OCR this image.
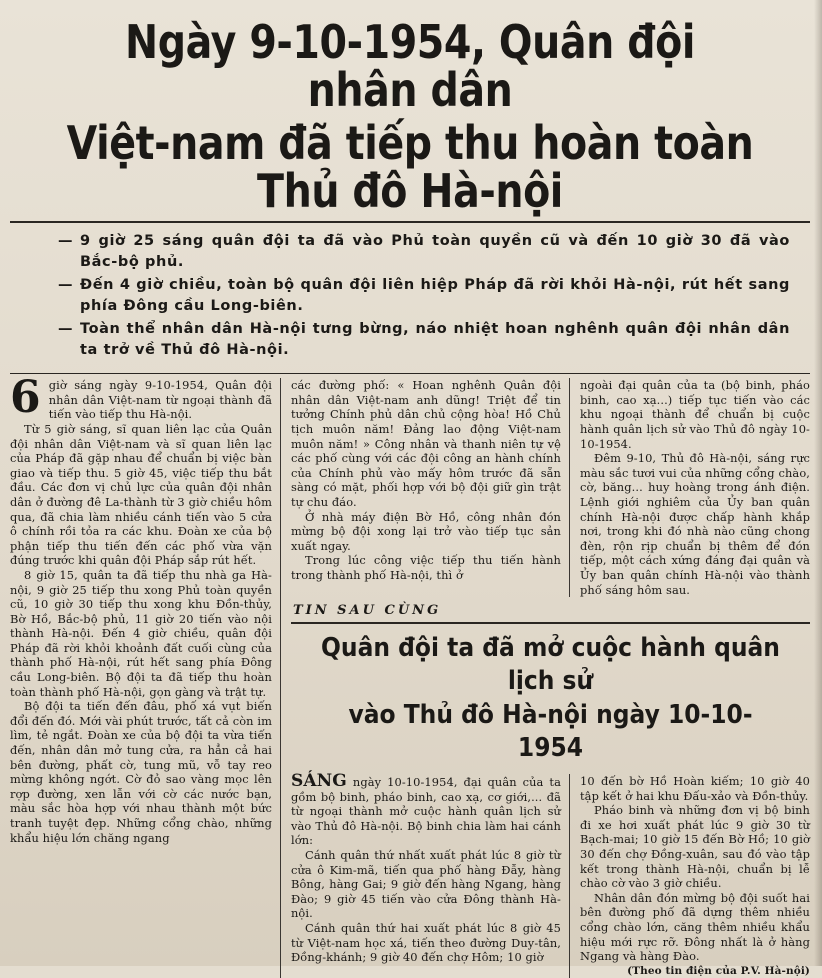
Ngày 9-10-1954, Quân đội nhân dân
Việt-nam đã tiếp thu hoàn toàn Thủ đô Hà-nội
— 9 giờ 25 sáng quân đội ta đã vào Phủ toàn quyền cũ và đến 10 giờ 30 đã vào Bắc-bộ phủ.
— Đến 4 giờ chiều, toàn bộ quân đội liên hiệp Pháp đã rời khỏi Hà-nội, rút hết sang phía Đông cầu Long-biên.
— Toàn thể nhân dân Hà-nội tưng bừng, náo nhiệt hoan nghênh quân đội nhân dân ta trở về Thủ đô Hà-nội.

6 giờ sáng ngày 9-10-1954, Quân đội nhân dân Việt-nam từ ngoại thành đã tiến vào tiếp thu Hà-nội.

Từ 5 giờ sáng, sĩ quan liên lạc của Quân đội nhân dân Việt-nam và sĩ quan liên lạc của Pháp đã gặp nhau để chuẩn bị việc bàn giao và tiếp thu. 5 giờ 45, việc tiếp thu bắt đầu. Các đơn vị chủ lực của quân đội nhân dân ở đường đê La-thành từ 3 giờ chiều hôm qua, đã chia làm nhiều cánh tiến vào 5 cửa ô chính rồi tỏa ra các khu. Đoàn xe của bộ phận tiếp thu tiến đến các phố vừa vặn đúng trước khi quân đội Pháp sắp rút hết.

8 giờ 15, quân ta đã tiếp thu nhà ga Hà-nội, 9 giờ 25 tiếp thu xong Phủ toàn quyền cũ, 10 giờ 30 tiếp thu xong khu Đồn-thủy, Bờ Hồ, Bắc-bộ phủ, 11 giờ 20 tiến vào nội thành Hà-nội. Đến 4 giờ chiều, quân đội Pháp đã rời khỏi khoảnh đất cuối cùng của thành phố Hà-nội, rút hết sang phía Đông cầu Long-biên. Bộ đội ta đã tiếp thu hoàn toàn thành phố Hà-nội, gọn gàng và trật tự.

Bộ đội ta tiến đến đâu, phố xá vụt biến đổi đến đó. Mới vài phút trước, tất cả còn im lìm, tẻ ngắt. Đoàn xe của bộ đội ta vừa tiến đến, nhân dân mở tung cửa, ra hẳn cả hai bên đường, phất cờ, tung mũ, vỗ tay reo mừng không ngớt. Cờ đỏ sao vàng mọc lên rợp đường, xen lẫn với cờ các nước bạn, màu sắc hòa hợp với nhau thành một bức tranh tuyệt đẹp. Những cổng chào, những khẩu hiệu lớn chăng ngang

các đường phố: « Hoan nghênh Quân đội nhân dân Việt-nam anh dũng! Triệt để tin tưởng Chính phủ dân chủ cộng hòa! Hồ Chủ tịch muôn năm! Đảng lao động Việt-nam muôn năm! » Công nhân và thanh niên tự vệ các phố cùng với các đội công an hành chính của Chính phủ vào mấy hôm trước đã sẵn sàng có mặt, phối hợp với bộ đội giữ gìn trật tự chu đáo.

Ở nhà máy điện Bờ Hồ, công nhân đón mừng bộ đội xong lại trở vào tiếp tục sản xuất ngay.

Trong lúc công việc tiếp thu tiến hành trong thành phố Hà-nội, thì ở

ngoài đại quân của ta (bộ binh, pháo binh, cao xạ...) tiếp tục tiến vào các khu ngoại thành để chuẩn bị cuộc hành quân lịch sử vào Thủ đô ngày 10-10-1954.

Đêm 9-10, Thủ đô Hà-nội, sáng rực màu sắc tươi vui của những cổng chào, cờ, băng... huy hoàng trong ánh điện. Lệnh giới nghiêm của Ủy ban quân chính Hà-nội được chấp hành khắp nơi, trong khi đó nhà nào cũng chong đèn, rộn rịp chuẩn bị thêm để đón tiếp, một cách xứng đáng đại quân và Ủy ban quân chính Hà-nội vào thành phố sáng hôm sau.

TIN SAU CÙNG
Quân đội ta đã mở cuộc hành quân lịch sử
vào Thủ đô Hà-nội ngày 10-10-1954

SÁNG ngày 10-10-1954, đại quân của ta gồm bộ binh, pháo binh, cao xạ, cơ giới,... đã từ ngoại thành mở cuộc hành quân lịch sử vào Thủ đô Hà-nội. Bộ binh chia làm hai cánh lớn:

Cánh quân thứ nhất xuất phát lúc 8 giờ từ cửa ô Kim-mã, tiến qua phố hàng Đẫy, hàng Bông, hàng Gai; 9 giờ đến hàng Ngang, hàng Đào; 9 giờ 45 tiến vào cửa Đông thành Hà-nội.

Cánh quân thứ hai xuất phát lúc 8 giờ 45 từ Việt-nam học xá, tiến theo đường Duy-tân, Đồng-khánh; 9 giờ 40 đến chợ Hôm; 10 giờ

10 đến bờ Hồ Hoàn kiếm; 10 giờ 40 tập kết ở hai khu Đấu-xảo và Đồn-thủy.

Pháo binh và những đơn vị bộ binh đi xe hơi xuất phát lúc 9 giờ 30 từ Bạch-mai; 10 giờ 15 đến Bờ Hồ; 10 giờ 30 đến chợ Đồng-xuân, sau đó vào tập kết trong thành Hà-nội, chuẩn bị lễ chào cờ vào 3 giờ chiều.

Nhân dân đón mừng bộ đội suốt hai bên đường phố đã dựng thêm nhiều cổng chào lớn, căng thêm nhiều khẩu hiệu mới rực rỡ. Đông nhất là ở hàng Ngang và hàng Đào.

(Theo tin điện của P.V. Hà-nội)
